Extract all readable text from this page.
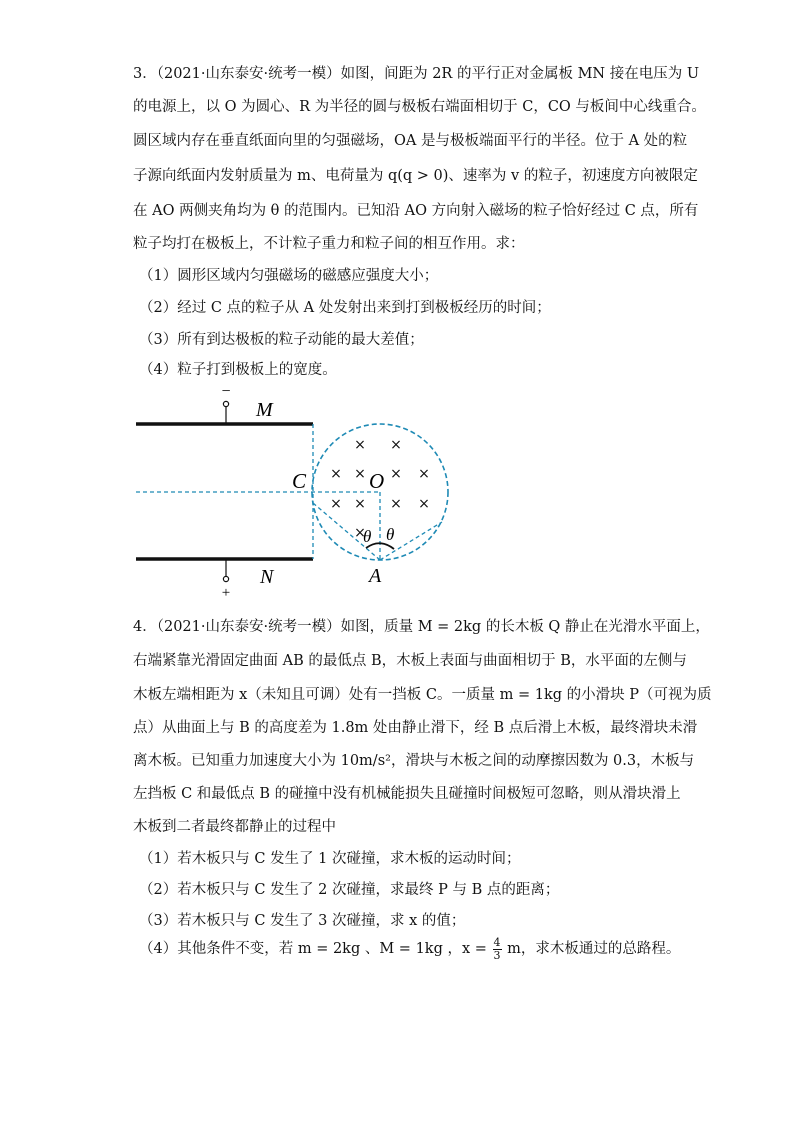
3．（2021·山东泰安·统考一模）如图，间距为 2R 的平行正对金属板 MN 接在电压为 U
的电源上，以 O 为圆心、R 为半径的圆与极板右端面相切于 C，CO 与板间中心线重合。
圆区域内存在垂直纸面向里的匀强磁场，OA 是与极板端面平行的半径。位于 A 处的粒
子源向纸面内发射质量为 m、电荷量为 q(q > 0)、速率为 v 的粒子，初速度方向被限定
在 AO 两侧夹角均为 θ 的范围内。已知沿 AO 方向射入磁场的粒子恰好经过 C 点，所有
粒子均打在极板上，不计粒子重力和粒子间的相互作用。求：
（1）圆形区域内匀强磁场的磁感应强度大小；
（2）经过 C 点的粒子从 A 处发射出来到打到极板经历的时间；
（3）所有到达极板的粒子动能的最大差值；
（4）粒子打到极板上的宽度。
−
+
M
N
× ×
× × × ×
× × × ×
×
C	O
A
θ θ
4．（2021·山东泰安·统考一模）如图，质量 M = 2kg 的长木板 Q 静止在光滑水平面上，
右端紧靠光滑固定曲面 AB 的最低点 B，木板上表面与曲面相切于 B，水平面的左侧与
木板左端相距为 x（未知且可调）处有一挡板 C。一质量 m = 1kg 的小滑块 P（可视为质
点）从曲面上与 B 的高度差为 1.8m 处由静止滑下，经 B 点后滑上木板，最终滑块未滑
离木板。已知重力加速度大小为 10m/s²，滑块与木板之间的动摩擦因数为 0.3，木板与
左挡板 C 和最低点 B 的碰撞中没有机械能损失且碰撞时间极短可忽略，则从滑块滑上
木板到二者最终都静止的过程中
（1）若木板只与 C 发生了 1 次碰撞，求木板的运动时间；
（2）若木板只与 C 发生了 2 次碰撞，求最终 P 与 B 点的距离；
（3）若木板只与 C 发生了 3 次碰撞，求 x 的值；
（4）其他条件不变，若 m = 2kg 、M = 1kg ，$x = \frac{4}{3}$ m，求木板通过的总路程。
